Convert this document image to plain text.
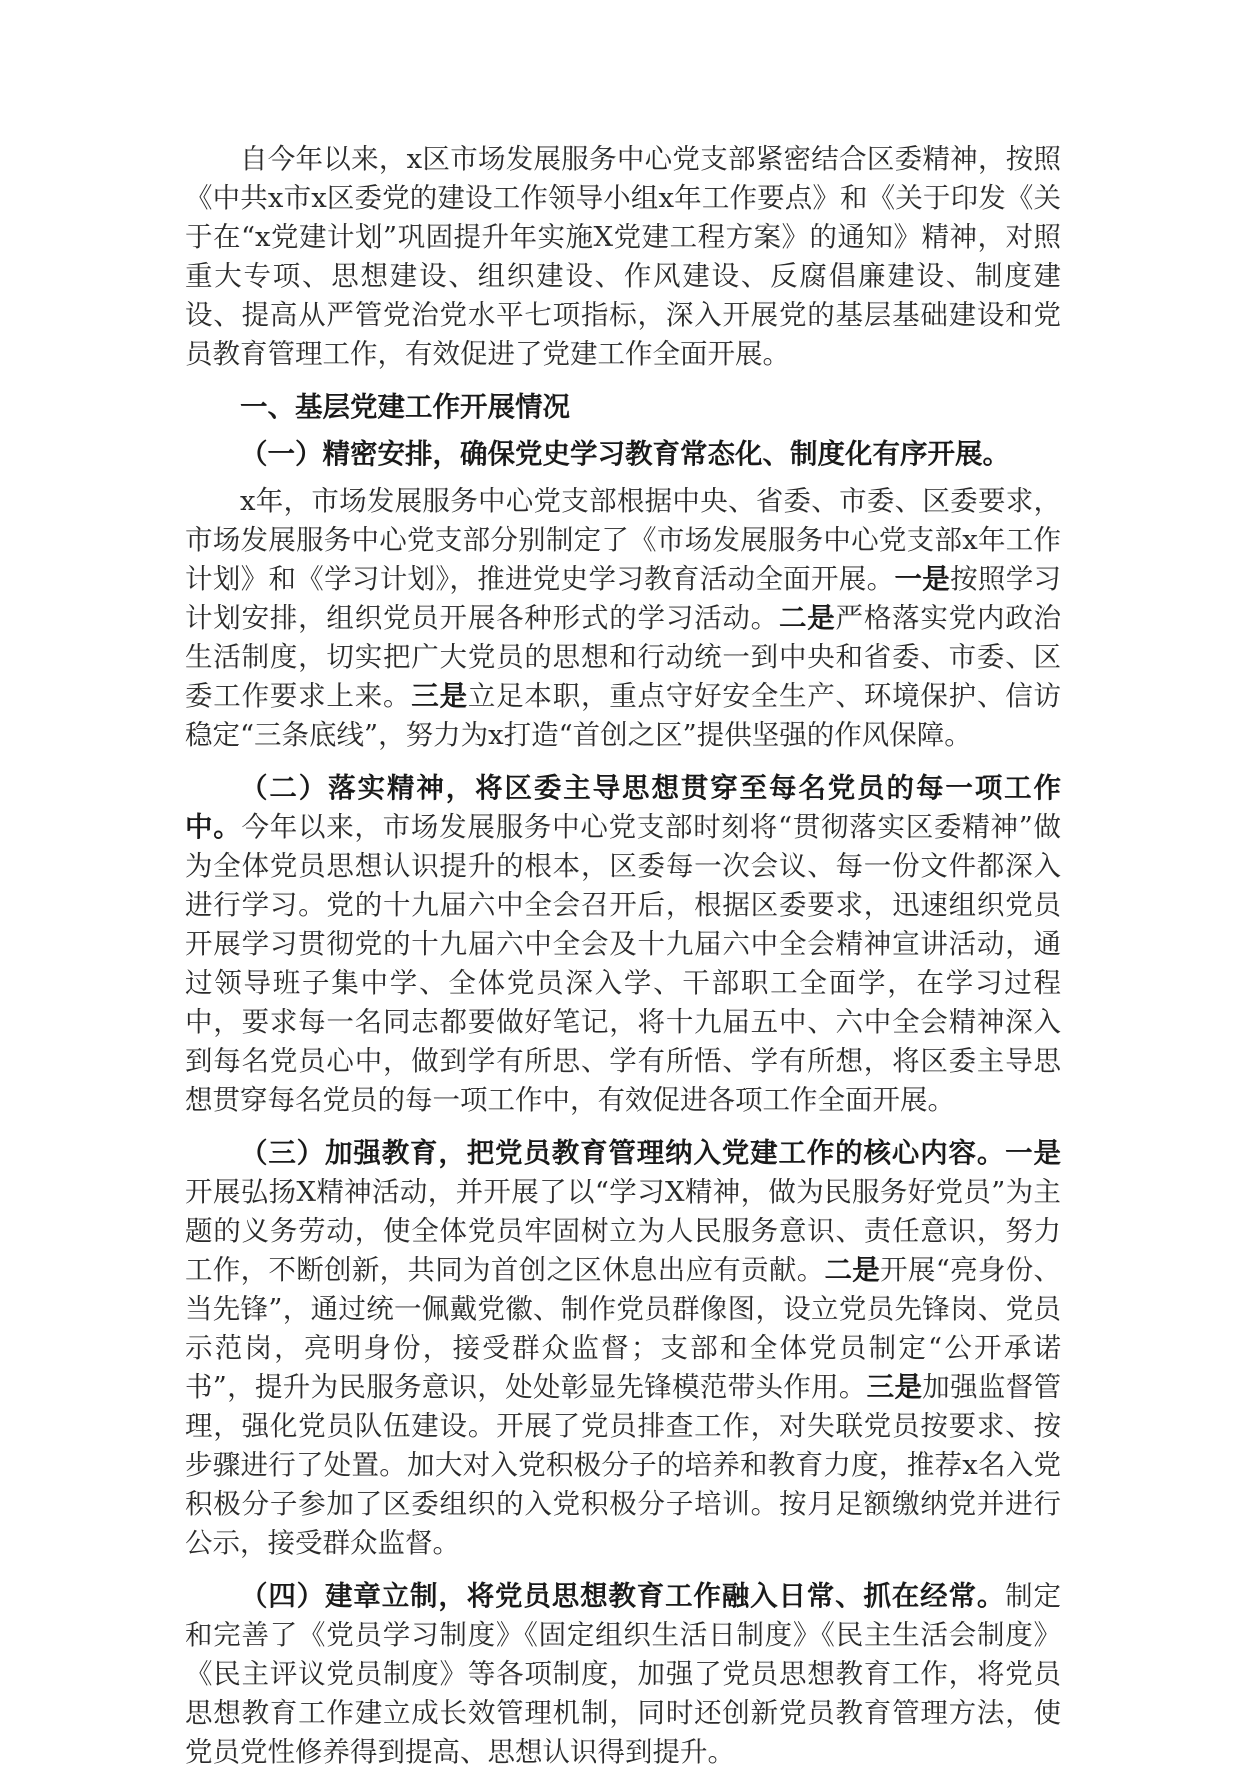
自今年以来，x区市场发展服务中心党支部紧密结合区委精神，按照《中共x市x区委党的建设工作领导小组x年工作要点》和《关于印发《关于在“x党建计划”巩固提升年实施X党建工程方案》的通知》精神，对照重大专项、思想建设、组织建设、作风建设、反腐倡廉建设、制度建设、提高从严管党治党水平七项指标，深入开展党的基层基础建设和党员教育管理工作，有效促进了党建工作全面开展。

一、基层党建工作开展情况

（一）精密安排，确保党史学习教育常态化、制度化有序开展。

x年，市场发展服务中心党支部根据中央、省委、市委、区委要求，市场发展服务中心党支部分别制定了《市场发展服务中心党支部x年工作计划》和《学习计划》，推进党史学习教育活动全面开展。一是按照学习计划安排，组织党员开展各种形式的学习活动。二是严格落实党内政治生活制度，切实把广大党员的思想和行动统一到中央和省委、市委、区委工作要求上来。三是立足本职，重点守好安全生产、环境保护、信访稳定“三条底线”，努力为x打造“首创之区”提供坚强的作风保障。

（二）落实精神，将区委主导思想贯穿至每名党员的每一项工作中。今年以来，市场发展服务中心党支部时刻将“贯彻落实区委精神”做为全体党员思想认识提升的根本，区委每一次会议、每一份文件都深入进行学习。党的十九届六中全会召开后，根据区委要求，迅速组织党员开展学习贯彻党的十九届六中全会及十九届六中全会精神宣讲活动，通过领导班子集中学、全体党员深入学、干部职工全面学，在学习过程中，要求每一名同志都要做好笔记，将十九届五中、六中全会精神深入到每名党员心中，做到学有所思、学有所悟、学有所想，将区委主导思想贯穿每名党员的每一项工作中，有效促进各项工作全面开展。

（三）加强教育，把党员教育管理纳入党建工作的核心内容。一是开展弘扬X精神活动，并开展了以“学习X精神，做为民服务好党员”为主题的义务劳动，使全体党员牢固树立为人民服务意识、责任意识，努力工作，不断创新，共同为首创之区休息出应有贡献。二是开展“亮身份、当先锋”，通过统一佩戴党徽、制作党员群像图，设立党员先锋岗、党员示范岗，亮明身份，接受群众监督；支部和全体党员制定“公开承诺书”，提升为民服务意识，处处彰显先锋模范带头作用。三是加强监督管理，强化党员队伍建设。开展了党员排查工作，对失联党员按要求、按步骤进行了处置。加大对入党积极分子的培养和教育力度，推荐x名入党积极分子参加了区委组织的入党积极分子培训。按月足额缴纳党并进行公示，接受群众监督。

（四）建章立制，将党员思想教育工作融入日常、抓在经常。制定和完善了《党员学习制度》《固定组织生活日制度》《民主生活会制度》《民主评议党员制度》等各项制度，加强了党员思想教育工作，将党员思想教育工作建立成长效管理机制，同时还创新党员教育管理方法，使党员党性修养得到提高、思想认识得到提升。
